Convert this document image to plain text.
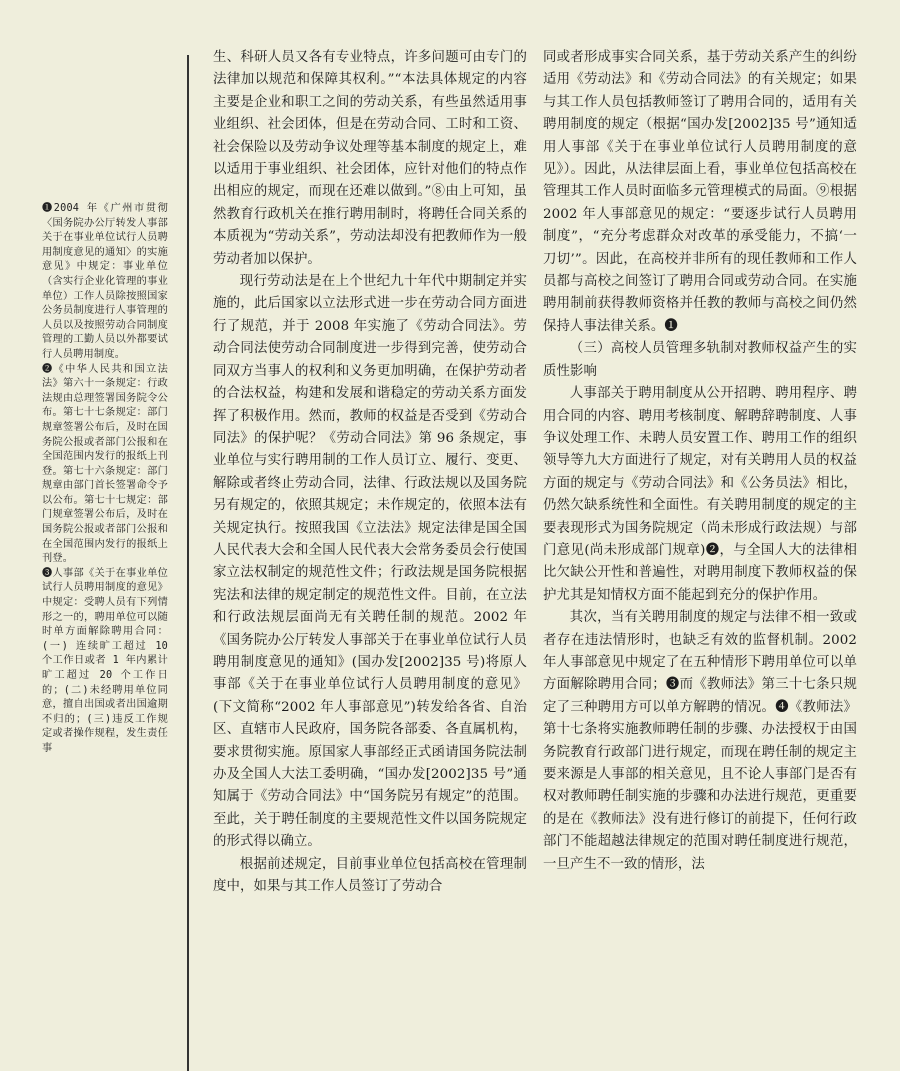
❶2004 年《广州市贯彻〈国务院办公厅转发人事部关于在事业单位试行人员聘用制度意见的通知〉的实施意见》中规定：事业单位（含实行企业化管理的事业单位）工作人员除按照国家公务员制度进行人事管理的人员以及按照劳动合同制度管理的工勤人员以外都要试行人员聘用制度。

❷《中华人民共和国立法法》第六十一条规定：行政法规由总理签署国务院令公布。第七十七条规定：部门规章签署公布后，及时在国务院公报或者部门公报和在全国范围内发行的报纸上刊登。第七十六条规定：部门规章由部门首长签署命令予以公布。第七十七规定：部门规章签署公布后，及时在国务院公报或者部门公报和在全国范围内发行的报纸上刊登。

❸人事部《关于在事业单位试行人员聘用制度的意见》中规定：受聘人员有下列情形之一的，聘用单位可以随时单方面解除聘用合同：(一) 连续旷工超过 10 个工作日或者 1 年内累计旷工超过 20 个工作日的；(二)未经聘用单位同意，擅自出国或者出国逾期不归的；(三)违反工作规定或者操作规程，发生责任事

生、科研人员又各有专业特点，许多问题可由专门的法律加以规范和保障其权利。”“本法具体规定的内容主要是企业和职工之间的劳动关系，有些虽然适用事业组织、社会团体，但是在劳动合同、工时和工资、社会保险以及劳动争议处理等基本制度的规定上，难以适用于事业组织、社会团体，应针对他们的特点作出相应的规定，而现在还难以做到。”⑧由上可知，虽然教育行政机关在推行聘用制时，将聘任合同关系的本质视为“劳动关系”，劳动法却没有把教师作为一般劳动者加以保护。

现行劳动法是在上个世纪九十年代中期制定并实施的，此后国家以立法形式进一步在劳动合同方面进行了规范，并于 2008 年实施了《劳动合同法》。劳动合同法使劳动合同制度进一步得到完善，使劳动合同双方当事人的权利和义务更加明确，在保护劳动者的合法权益，构建和发展和谐稳定的劳动关系方面发挥了积极作用。然而，教师的权益是否受到《劳动合同法》的保护呢？《劳动合同法》第 96 条规定，事业单位与实行聘用制的工作人员订立、履行、变更、解除或者终止劳动合同，法律、行政法规以及国务院另有规定的，依照其规定；未作规定的，依照本法有关规定执行。按照我国《立法法》规定法律是国全国人民代表大会和全国人民代表大会常务委员会行使国家立法权制定的规范性文件；行政法规是国务院根据宪法和法律的规定制定的规范性文件。目前，在立法和行政法规层面尚无有关聘任制的规范。2002 年《国务院办公厅转发人事部关于在事业单位试行人员聘用制度意见的通知》(国办发[2002]35 号)将原人事部《关于在事业单位试行人员聘用制度的意见》(下文简称“2002 年人事部意见”)转发给各省、自治区、直辖市人民政府，国务院各部委、各直属机构，要求贯彻实施。原国家人事部经正式函请国务院法制办及全国人大法工委明确，“国办发[2002]35 号”通知属于《劳动合同法》中“国务院另有规定”的范围。至此，关于聘任制度的主要规范性文件以国务院规定的形式得以确立。

根据前述规定，目前事业单位包括高校在管理制度中，如果与其工作人员签订了劳动合

同或者形成事实合同关系，基于劳动关系产生的纠纷适用《劳动法》和《劳动合同法》的有关规定；如果与其工作人员包括教师签订了聘用合同的，适用有关聘用制度的规定（根据“国办发[2002]35 号”通知适用人事部《关于在事业单位试行人员聘用制度的意见》）。因此，从法律层面上看，事业单位包括高校在管理其工作人员时面临多元管理模式的局面。⑨根据 2002 年人事部意见的规定：“要逐步试行人员聘用制度”，“充分考虑群众对改革的承受能力，不搞‘一刀切’”。因此，在高校并非所有的现任教师和工作人员都与高校之间签订了聘用合同或劳动合同。在实施聘用制前获得教师资格并任教的教师与高校之间仍然保持人事法律关系。❶

（三）高校人员管理多轨制对教师权益产生的实质性影响

人事部关于聘用制度从公开招聘、聘用程序、聘用合同的内容、聘用考核制度、解聘辞聘制度、人事争议处理工作、未聘人员安置工作、聘用工作的组织领导等九大方面进行了规定，对有关聘用人员的权益方面的规定与《劳动合同法》和《公务员法》相比，仍然欠缺系统性和全面性。有关聘用制度的规定的主要表现形式为国务院规定（尚未形成行政法规）与部门意见(尚未形成部门规章)❷，与全国人大的法律相比欠缺公开性和普遍性，对聘用制度下教师权益的保护尤其是知情权方面不能起到充分的保护作用。

其次，当有关聘用制度的规定与法律不相一致或者存在违法情形时，也缺乏有效的监督机制。2002 年人事部意见中规定了在五种情形下聘用单位可以单方面解除聘用合同；❸而《教师法》第三十七条只规定了三种聘用方可以单方解聘的情况。❹《教师法》第十七条将实施教师聘任制的步骤、办法授权于由国务院教育行政部门进行规定，而现在聘任制的规定主要来源是人事部的相关意见，且不论人事部门是否有权对教师聘任制实施的步骤和办法进行规范，更重要的是在《教师法》没有进行修订的前提下，任何行政部门不能超越法律规定的范围对聘任制度进行规范，一旦产生不一致的情形，法
